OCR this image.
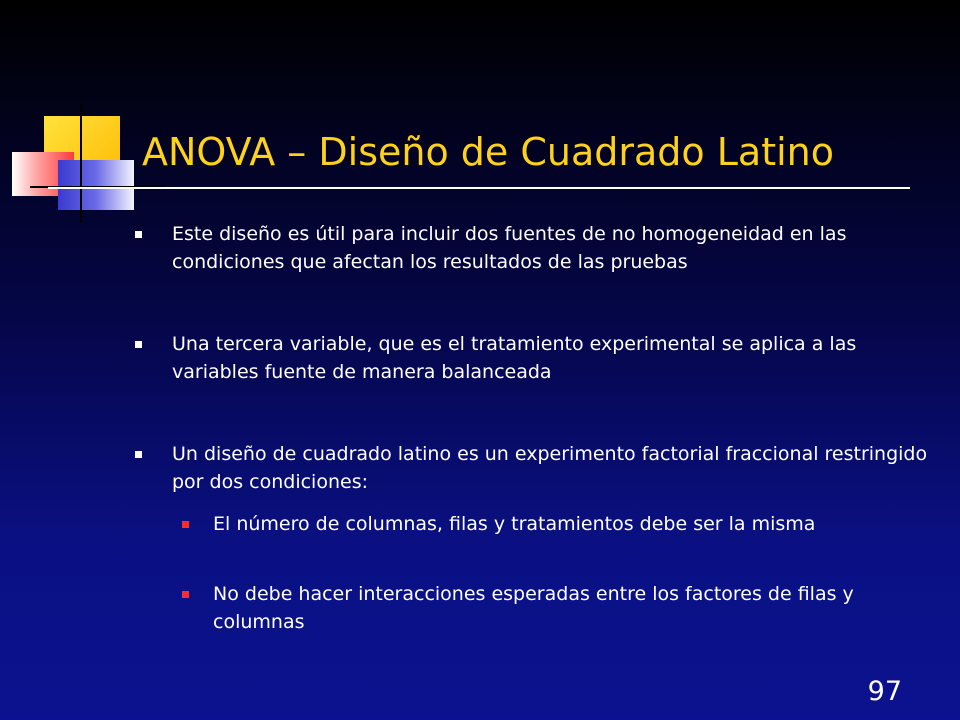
ANOVA – Diseño de Cuadrado Latino
Este diseño es útil para incluir dos fuentes de no homogeneidad en las condiciones que afectan los resultados de las pruebas
Una tercera variable, que es el tratamiento experimental se aplica a las variables fuente de manera balanceada
Un diseño de cuadrado latino es un experimento factorial fraccional restringido por dos condiciones:
El número de columnas, filas y tratamientos debe ser la misma
No debe hacer interacciones esperadas entre los factores de filas y columnas
97
